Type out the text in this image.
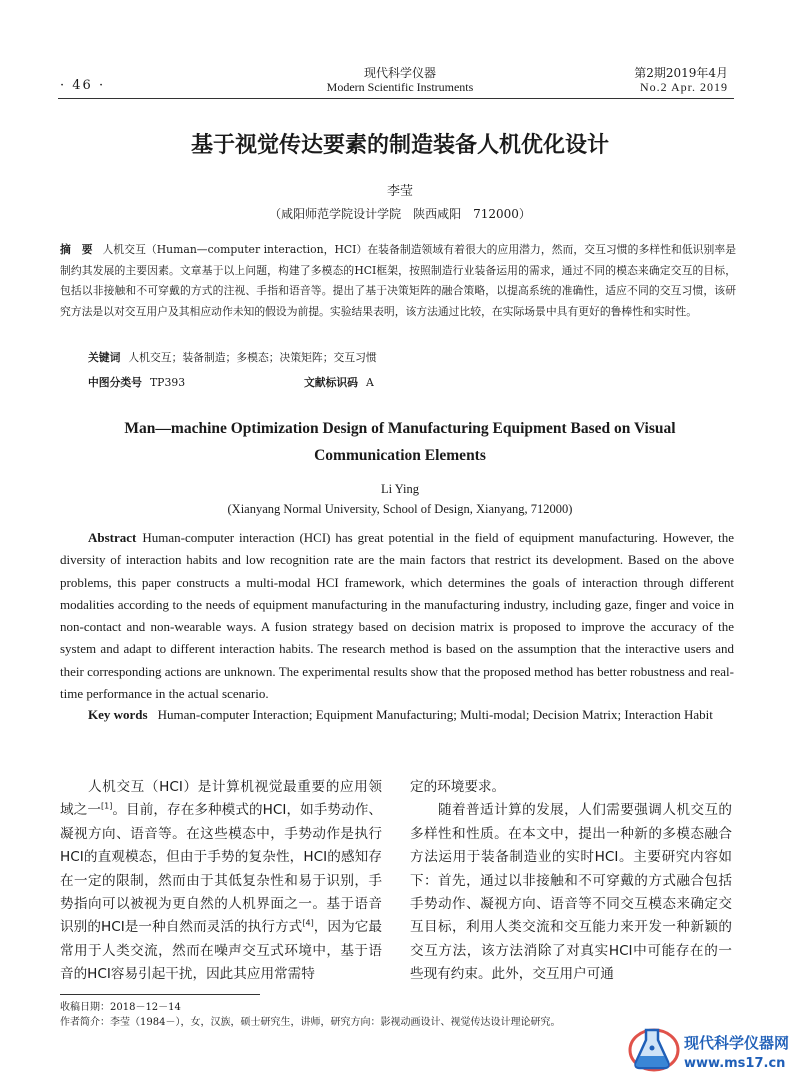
· 46 ·
现代科学仪器
Modern Scientific Instruments
第2期2019年4月
No.2 Apr. 2019
基于视觉传达要素的制造装备人机优化设计
李莹
（咸阳师范学院设计学院　陕西咸阳　712000）
摘　要 人机交互（Human—computer interaction，HCI）在装备制造领域有着很大的应用潜力，然而，交互习惯的多样性和低识别率是制约其发展的主要因素。文章基于以上问题，构建了多模态的HCI框架，按照制造行业装备运用的需求，通过不同的模态来确定交互的目标，包括以非接触和不可穿戴的方式的注视、手指和语音等。提出了基于决策矩阵的融合策略，以提高系统的准确性，适应不同的交互习惯，该研究方法是以对交互用户及其相应动作未知的假设为前提。实验结果表明，该方法通过比较，在实际场景中具有更好的鲁棒性和实时性。
关键词 人机交互；装备制造；多模态；决策矩阵；交互习惯
中图分类号 TP393	文献标识码 A
Man—machine Optimization Design of Manufacturing Equipment Based on Visual Communication Elements
Li Ying
(Xianyang Normal University, School of Design, Xianyang, 712000)
Abstract Human-computer interaction (HCI) has great potential in the field of equipment manufacturing. However, the diversity of interaction habits and low recognition rate are the main factors that restrict its development. Based on the above problems, this paper constructs a multi-modal HCI framework, which determines the goals of interaction through different modalities according to the needs of equipment manufacturing in the manufacturing industry, including gaze, finger and voice in non-contact and non-wearable ways. A fusion strategy based on decision matrix is proposed to improve the accuracy of the system and adapt to different interaction habits. The research method is based on the assumption that the interactive users and their corresponding actions are unknown. The experimental results show that the proposed method has better robustness and real-time performance in the actual scenario.
Key words Human-computer Interaction; Equipment Manufacturing; Multi-modal; Decision Matrix; Interaction Habit

人机交互（HCI）是计算机视觉最重要的应用领域之一[1]。目前，存在多种模式的HCI，如手势动作、凝视方向、语音等。在这些模态中，手势动作是执行HCI的直观模态，但由于手势的复杂性，HCI的感知存在一定的限制，然而由于其低复杂性和易于识别，手势指向可以被视为更自然的人机界面之一。基于语音识别的HCI是一种自然而灵活的执行方式[4]，因为它最常用于人类交流，然而在噪声交互式环境中，基于语音的HCI容易引起干扰，因此其应用常需特

定的环境要求。

随着普适计算的发展，人们需要强调人机交互的多样性和性质。在本文中，提出一种新的多模态融合方法运用于装备制造业的实时HCI。主要研究内容如下：首先，通过以非接触和不可穿戴的方式融合包括手势动作、凝视方向、语音等不同交互模态来确定交互目标，利用人类交流和交互能力来开发一种新颖的交互方法，该方法消除了对真实HCI中可能存在的一些现有约束。此外，交互用户可通

收稿日期：2018－12－14
作者简介：李莹（1984－），女，汉族，硕士研究生，讲师，研究方向：影视动画设计、视觉传达设计理论研究。
现代科学仪器网
www.ms17.cn
